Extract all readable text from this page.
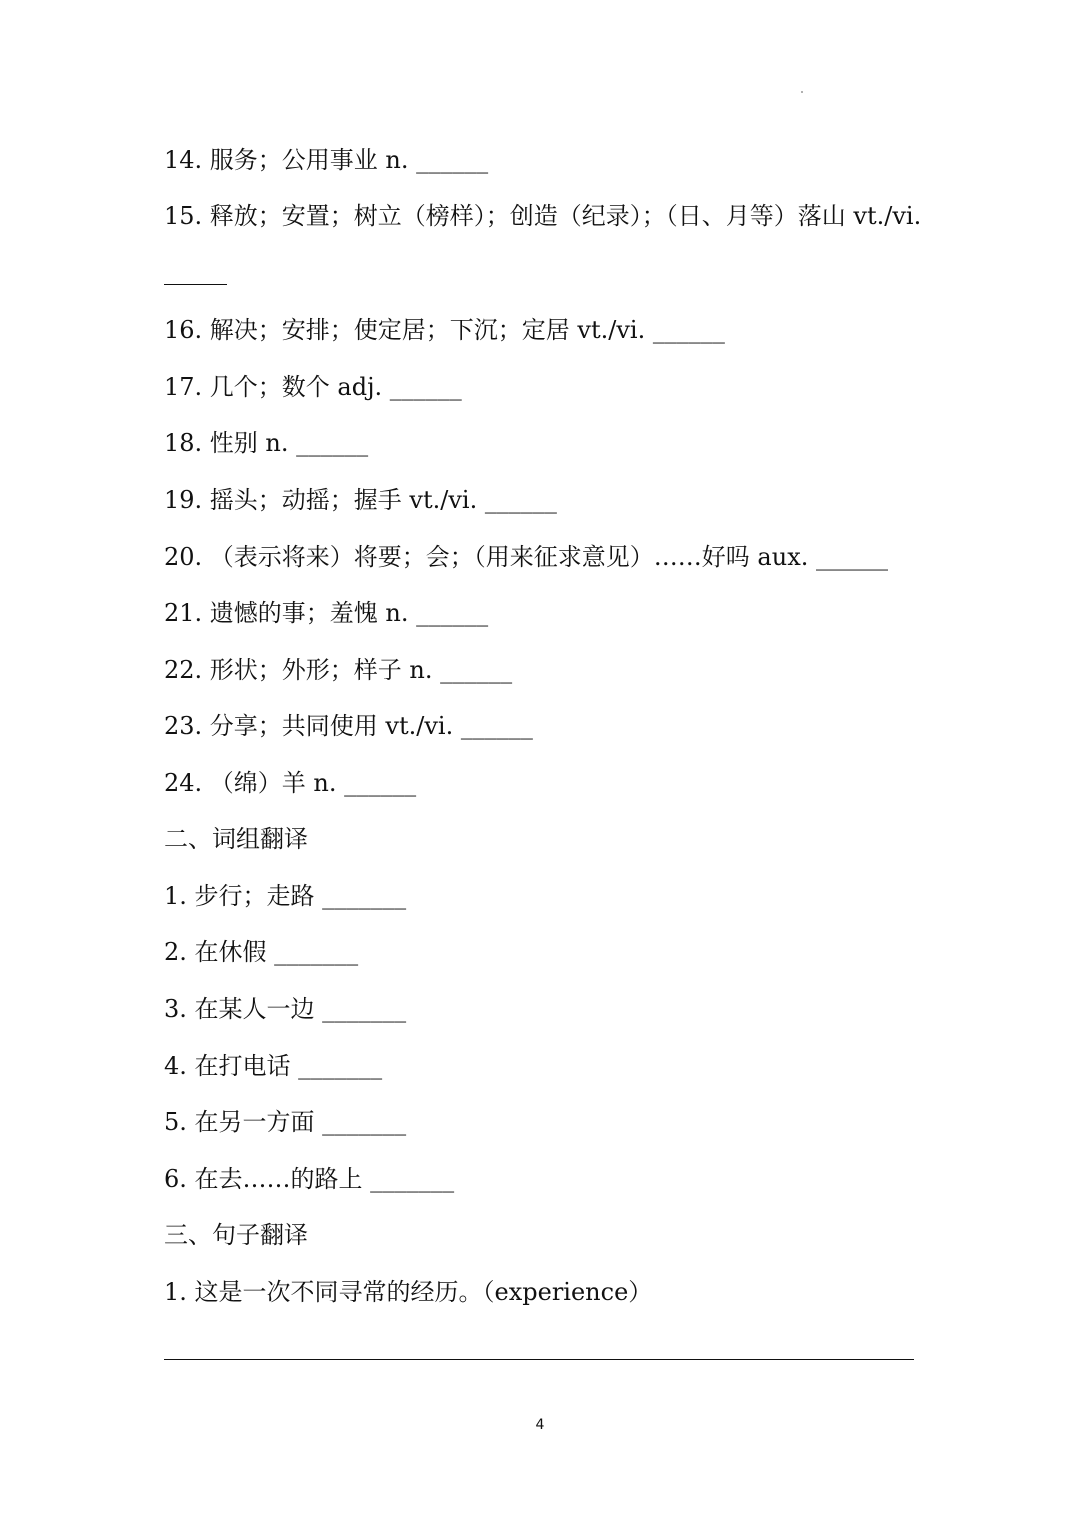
14. 服务；公用事业 n. ______
15. 释放；安置；树立（榜样）；创造（纪录）；（日、月等）落山 vt./vi.
16. 解决；安排；使定居；下沉；定居 vt./vi. ______
17. 几个；数个 adj. ______
18. 性别 n. ______
19. 摇头；动摇；握手 vt./vi. ______
20. （表示将来）将要；会；（用来征求意见）……好吗 aux. ______
21. 遗憾的事；羞愧 n. ______
22. 形状；外形；样子 n. ______
23. 分享；共同使用 vt./vi. ______
24. （绵）羊 n. ______
二、词组翻译
1. 步行；走路 _______
2. 在休假 _______
3. 在某人一边 _______
4. 在打电话 _______
5. 在另一方面 _______
6. 在去……的路上 _______
三、句子翻译
1. 这是一次不同寻常的经历。（experience）
4
